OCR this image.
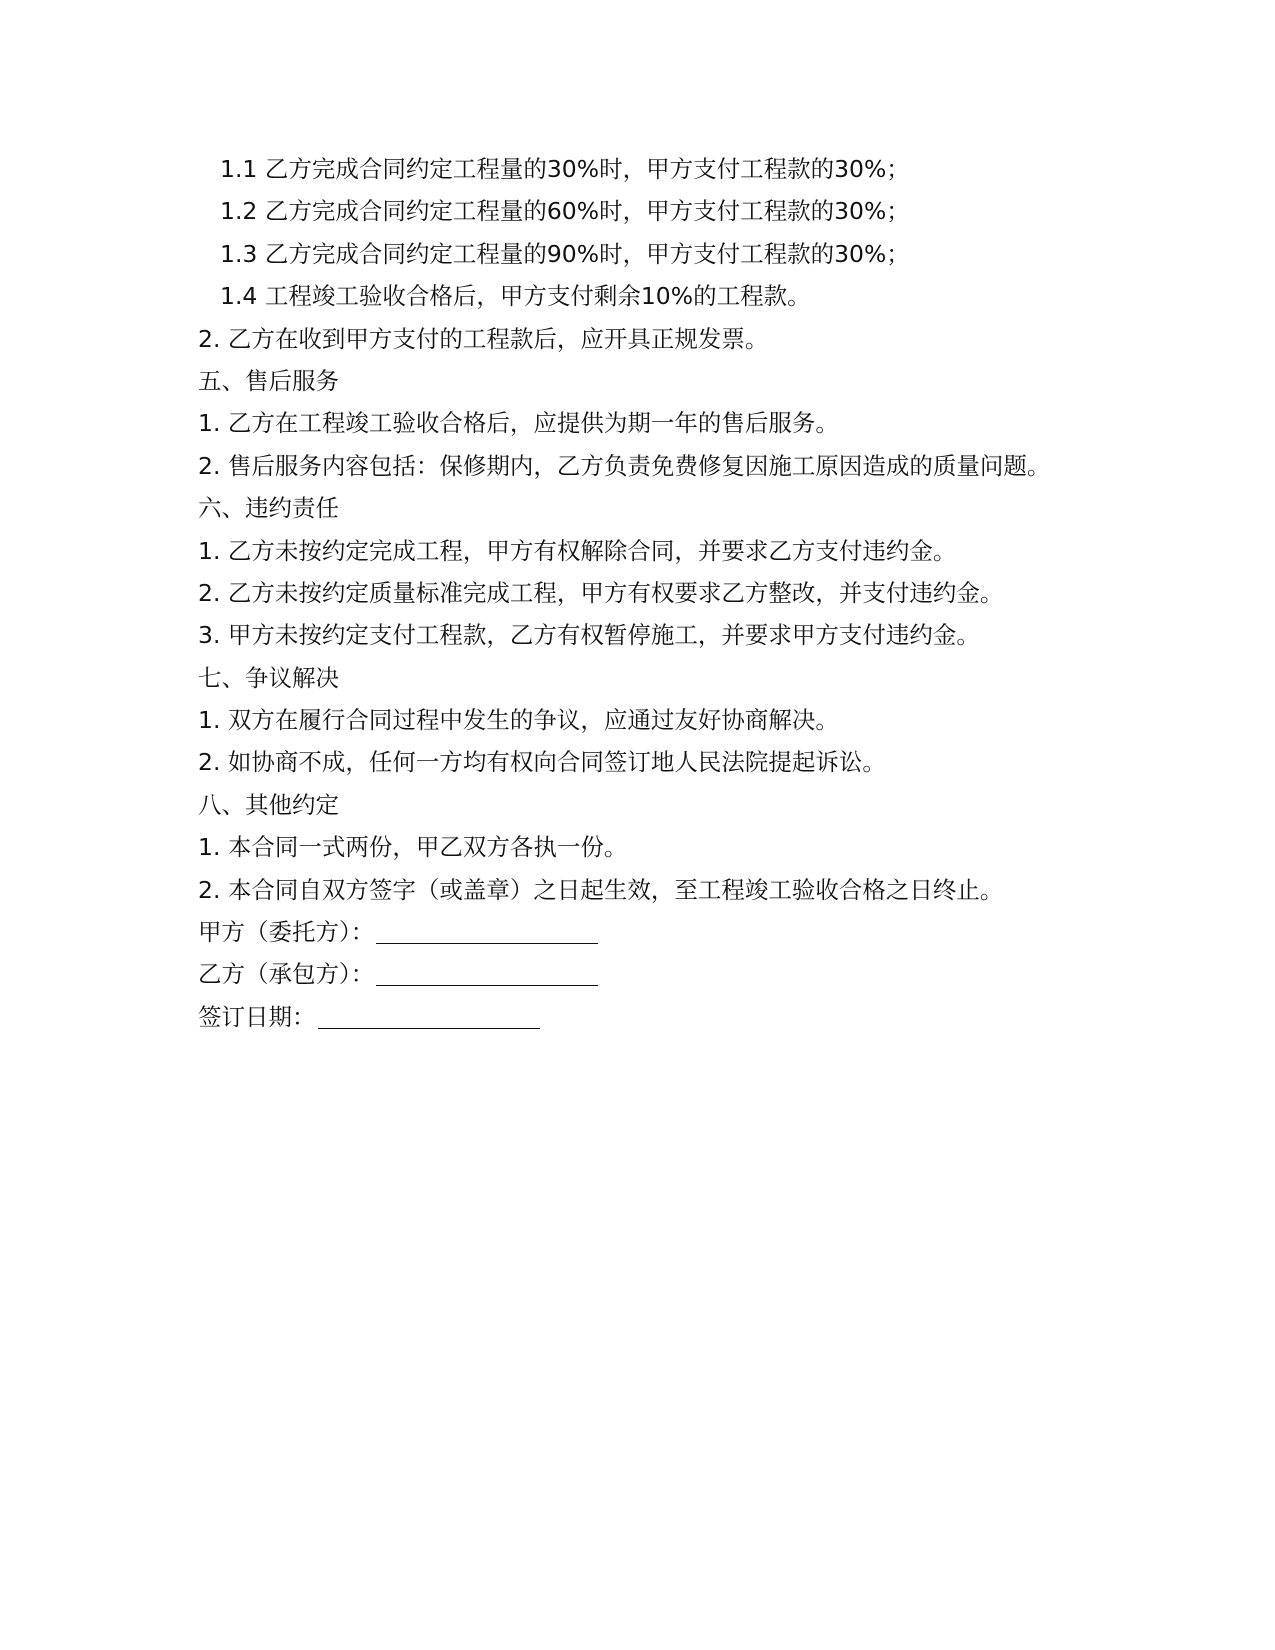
1.1 乙方完成合同约定工程量的30%时，甲方支付工程款的30%；
1.2 乙方完成合同约定工程量的60%时，甲方支付工程款的30%；
1.3 乙方完成合同约定工程量的90%时，甲方支付工程款的30%；
1.4 工程竣工验收合格后，甲方支付剩余10%的工程款。
2. 乙方在收到甲方支付的工程款后，应开具正规发票。
五、售后服务
1. 乙方在工程竣工验收合格后，应提供为期一年的售后服务。
2. 售后服务内容包括：保修期内，乙方负责免费修复因施工原因造成的质量问题。
六、违约责任
1. 乙方未按约定完成工程，甲方有权解除合同，并要求乙方支付违约金。
2. 乙方未按约定质量标准完成工程，甲方有权要求乙方整改，并支付违约金。
3. 甲方未按约定支付工程款，乙方有权暂停施工，并要求甲方支付违约金。
七、争议解决
1. 双方在履行合同过程中发生的争议，应通过友好协商解决。
2. 如协商不成，任何一方均有权向合同签订地人民法院提起诉讼。
八、其他约定
1. 本合同一式两份，甲乙双方各执一份。
2. 本合同自双方签字（或盖章）之日起生效，至工程竣工验收合格之日终止。
甲方（委托方）：
乙方（承包方）：
签订日期：
